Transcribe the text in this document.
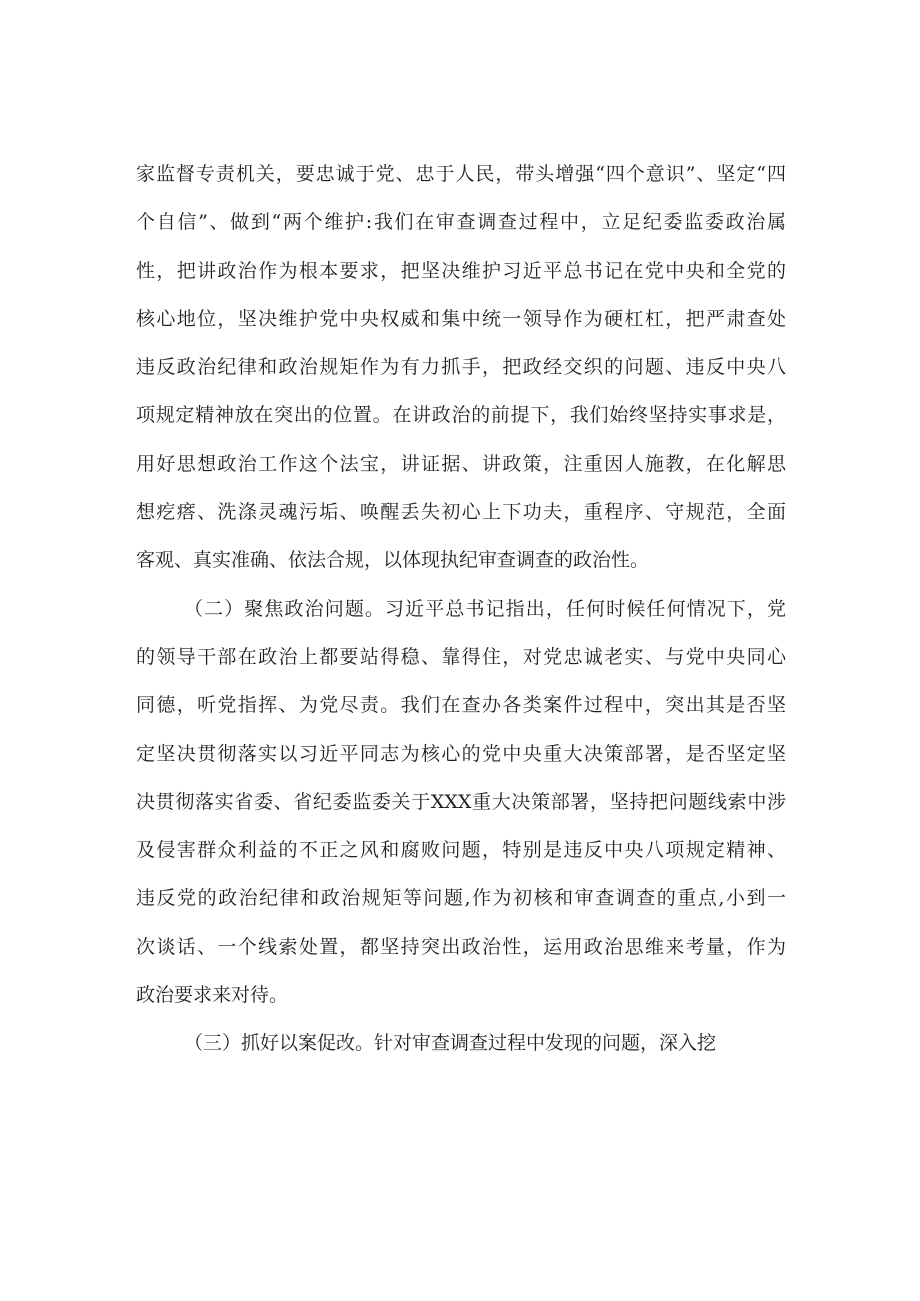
家监督专责机关，要忠诚于党、忠于人民，带头增强“四个意识”、坚定“四
个自信”、做到“两个维护:我们在审查调查过程中，立足纪委监委政治属
性，把讲政治作为根本要求，把坚决维护习近平总书记在党中央和全党的
核心地位，坚决维护党中央权威和集中统一领导作为硬杠杠，把严肃查处
违反政治纪律和政治规矩作为有力抓手，把政经交织的问题、违反中央八
项规定精神放在突出的位置。在讲政治的前提下，我们始终坚持实事求是，
用好思想政治工作这个法宝，讲证据、讲政策，注重因人施教，在化解思
想疙瘩、洗涤灵魂污垢、唤醒丢失初心上下功夫，重程序、守规范，全面
客观、真实准确、依法合规，以体现执纪审查调查的政治性。
（二）聚焦政治问题。习近平总书记指出，任何时候任何情况下，党
的领导干部在政治上都要站得稳、靠得住，对党忠诚老实、与党中央同心
同德，听党指挥、为党尽责。我们在查办各类案件过程中，突出其是否坚
定坚决贯彻落实以习近平同志为核心的党中央重大决策部署，是否坚定坚
决贯彻落实省委、省纪委监委关于XXX重大决策部署，坚持把问题线索中涉
及侵害群众利益的不正之风和腐败问题，特别是违反中央八项规定精神、
违反党的政治纪律和政治规矩等问题,作为初核和审查调查的重点,小到一
次谈话、一个线索处置，都坚持突出政治性，运用政治思维来考量，作为
政治要求来对待。
（三）抓好以案促改。针对审查调查过程中发现的问题，深入挖
